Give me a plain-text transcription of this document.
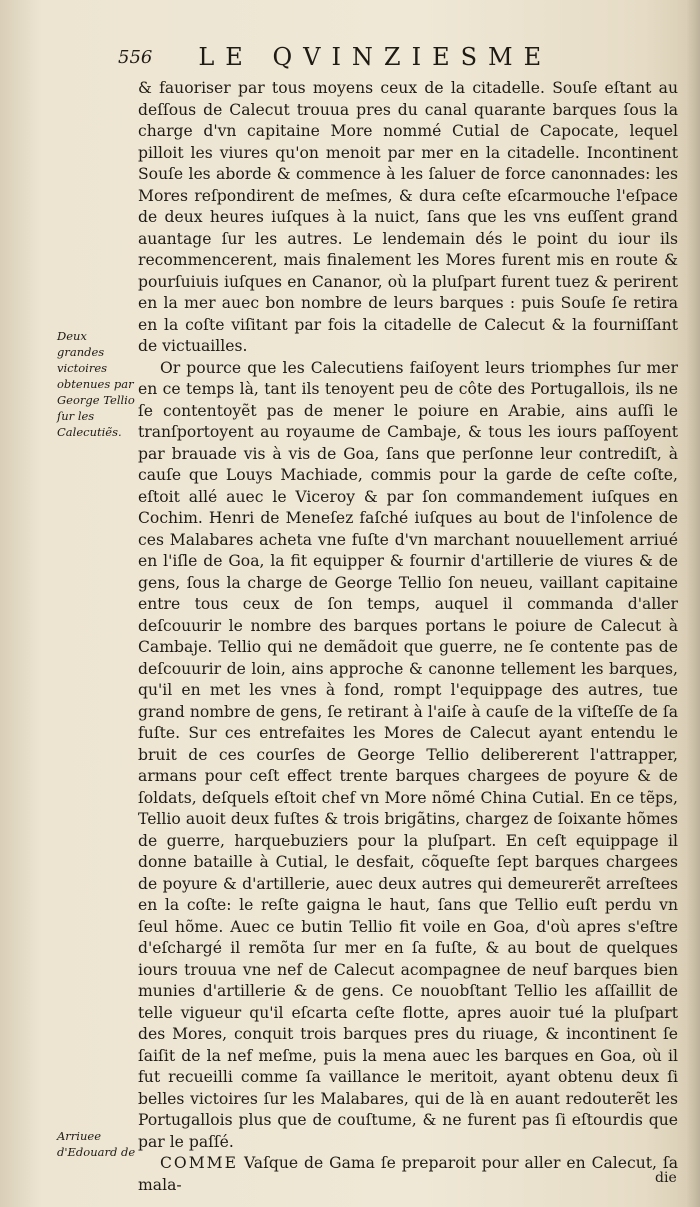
556 LE QVINZIESME

& fauoriser par tous moyens ceux de la citadelle. Souſe eſtant au deſſous de Calecut trouua pres du canal quarante barques ſous la charge d'vn capitaine More nommé Cutial de Capocate, lequel pilloit les viures qu'on menoit par mer en la citadelle. Incontinent Souſe les aborde & commence à les ſaluer de force canonnades: les Mores reſpondirent de meſmes, & dura ceſte eſcarmouche l'eſpace de deux heures iuſques à la nuict, ſans que les vns euſſent grand auantage ſur les autres. Le lendemain dés le point du iour ils recommencerent, mais finalement les Mores furent mis en route & pourſuiuis iuſques en Cananor, où la pluſpart furent tuez & perirent en la mer auec bon nombre de leurs barques : puis Souſe ſe retira en la coſte viſitant par fois la citadelle de Calecut & la fourniſſant de victuailles.

Or pource que les Calecutiens faiſoyent leurs triomphes ſur mer en ce temps là, tant ils tenoyent peu de côte des Portugallois, ils ne ſe contentoyẽt pas de mener le poiure en Arabie, ains auſſi le tranſportoyent au royaume de Cambaje, & tous les iours paſſoyent par brauade vis à vis de Goa, ſans que perſonne leur contrediſt, à cauſe que Louys Machiade, commis pour la garde de ceſte coſte, eſtoit allé auec le Viceroy & par ſon commandement iuſques en Cochim. Henri de Meneſez faſché iuſques au bout de l'inſolence de ces Malabares acheta vne fuſte d'vn marchant nouuellement arriué en l'iſle de Goa, la fit equipper & fournir d'artillerie de viures & de gens, ſous la charge de George Tellio ſon neueu, vaillant capitaine entre tous ceux de ſon temps, auquel il commanda d'aller deſcouurir le nombre des barques portans le poiure de Calecut à Cambaje. Tellio qui ne demãdoit que guerre, ne ſe contente pas de deſcouurir de loin, ains approche & canonne tellement les barques, qu'il en met les vnes à fond, rompt l'equippage des autres, tue grand nombre de gens, ſe retirant à l'aiſe à cauſe de la viſteſſe de ſa fuſte. Sur ces entrefaites les Mores de Calecut ayant entendu le bruit de ces courſes de George Tellio delibererent l'attrapper, armans pour ceſt effect trente barques chargees de poyure & de ſoldats, deſquels eſtoit chef vn More nõmé China Cutial. En ce tẽps, Tellio auoit deux fuſtes & trois brigãtins, chargez de ſoixante hõmes de guerre, harquebuziers pour la pluſpart. En ceſt equippage il donne bataille à Cutial, le desfait, cõqueſte ſept barques chargees de poyure & d'artillerie, auec deux autres qui demeurerẽt arreſtees en la coſte: le reſte gaigna le haut, ſans que Tellio euſt perdu vn ſeul hõme. Auec ce butin Tellio fit voile en Goa, d'où apres s'eſtre d'eſchargé il remõta ſur mer en ſa fuſte, & au bout de quelques iours trouua vne nef de Calecut acompagnee de neuf barques bien munies d'artillerie & de gens. Ce nouobſtant Tellio les aſſaillit de telle vigueur qu'il eſcarta ceſte flotte, apres auoir tué la pluſpart des Mores, conquit trois barques pres du riuage, & incontinent ſe ſaiſit de la nef meſme, puis la mena auec les barques en Goa, où il fut recueilli comme ſa vaillance le meritoit, ayant obtenu deux ſi belles victoires ſur les Malabares, qui de là en auant redouterẽt les Portugallois plus que de couſtume, & ne furent pas ſi eſtourdis que par le paſſé.

COMME Vaſque de Gama ſe preparoit pour aller en Calecut, ſa mala-

Deux grandes victoires obtenues par George Tellio ſur les Calecutiẽs.
Arriuee d'Edouard de
die
